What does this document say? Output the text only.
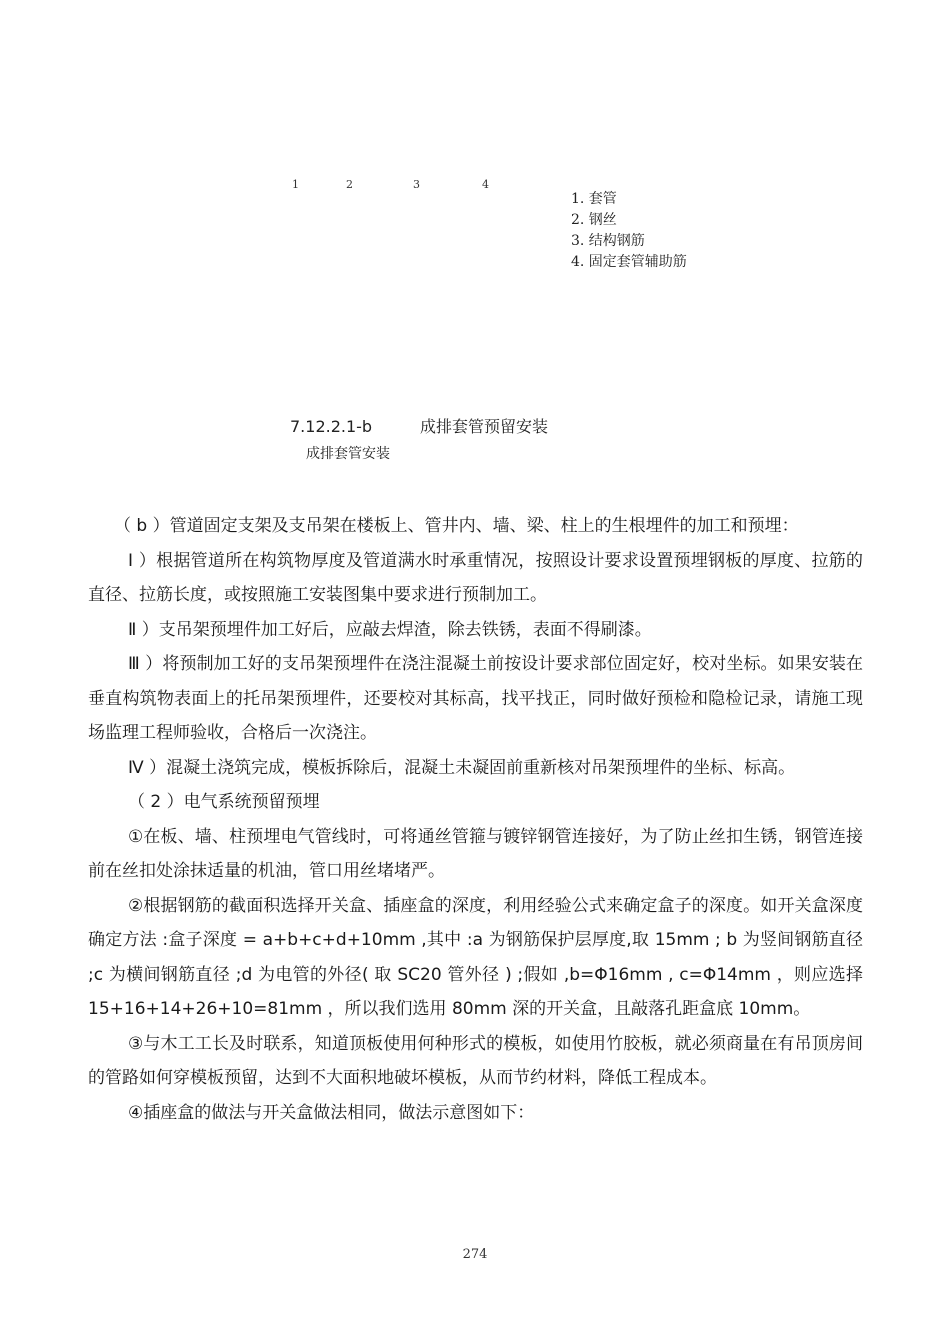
1	2	3	4
1. 套管
2. 钢丝
3. 结构钢筋
4. 固定套管辅助筋
7.12.2.1-b	成排套管预留安装
成排套管安装

（ b ）管道固定支架及支吊架在楼板上、管井内、墙、梁、柱上的生根埋件的加工和预埋：

Ⅰ ）根据管道所在构筑物厚度及管道满水时承重情况，按照设计要求设置预埋钢板的厚度、拉筋的直径、拉筋长度，或按照施工安装图集中要求进行预制加工。

Ⅱ ）支吊架预埋件加工好后，应敲去焊渣，除去铁锈，表面不得刷漆。

Ⅲ ）将预制加工好的支吊架预埋件在浇注混凝土前按设计要求部位固定好，校对坐标。如果安装在垂直构筑物表面上的托吊架预埋件，还要校对其标高，找平找正，同时做好预检和隐检记录，请施工现场监理工程师验收，合格后一次浇注。

Ⅳ ）混凝土浇筑完成，模板拆除后，混凝土未凝固前重新核对吊架预埋件的坐标、标高。

（ 2 ）电气系统预留预埋

①在板、墙、柱预埋电气管线时，可将通丝管箍与镀锌钢管连接好，为了防止丝扣生锈，钢管连接前在丝扣处涂抹适量的机油，管口用丝堵堵严。

②根据钢筋的截面积选择开关盒、插座盒的深度，利用经验公式来确定盒子的深度。如开关盒深度确定方法 :盒子深度 = a+b+c+d+10mm ,其中 :a 为钢筋保护层厚度,取 15mm ; b 为竖间钢筋直径 ;c 为横间钢筋直径 ;d 为电管的外径( 取 SC20 管外径 ) ;假如 ,b=Φ16mm , c=Φ14mm ，则应选择 15+16+14+26+10=81mm ，所以我们选用 80mm 深的开关盒，且敲落孔距盒底 10mm。

③与木工工长及时联系，知道顶板使用何种形式的模板，如使用竹胶板，就必须商量在有吊顶房间的管路如何穿模板预留，达到不大面积地破坏模板，从而节约材料，降低工程成本。

④插座盒的做法与开关盒做法相同，做法示意图如下：

274
